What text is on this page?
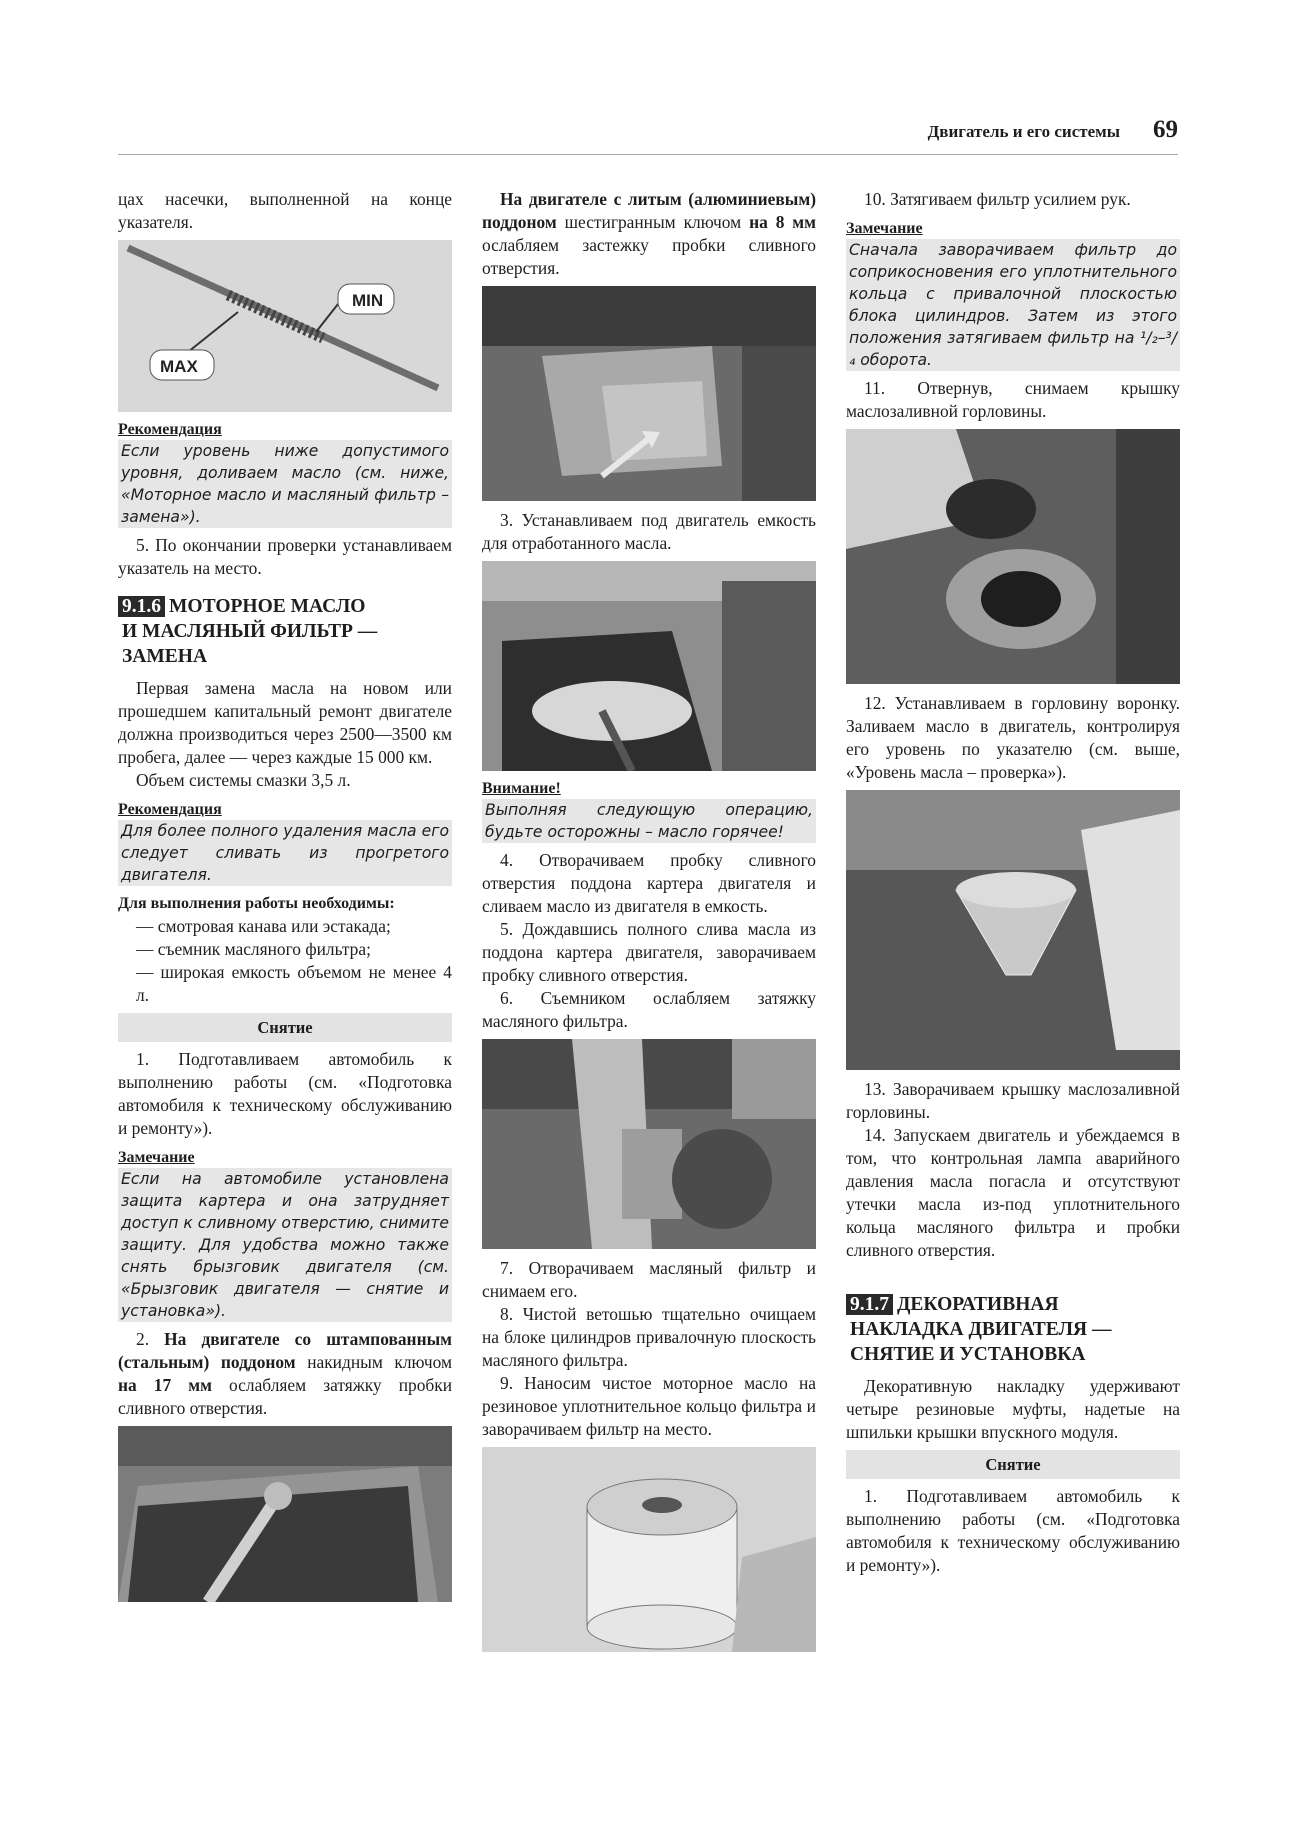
Двигатель и его системы 69

цах насечки, выполненной на конце указателя.

MIN
MAX
Рекомендация

Если уровень ниже допустимого уровня, доливаем масло (см. ниже, «Моторное масло и масляный фильтр – замена»).

5. По окончании проверки устанавливаем указатель на место.

9.1.6 МОТОРНОЕ МАСЛО
И МАСЛЯНЫЙ ФИЛЬТР —
ЗАМЕНА

Первая замена масла на новом или прошедшем капитальный ремонт двигателе должна производиться через 2500—3500 км пробега, далее — через каждые 15 000 км.

Объем системы смазки 3,5 л.

Рекомендация

Для более полного удаления масла его следует сливать из прогретого двигателя.

Для выполнения работы необходимы:

— смотровая канава или эстакада;

— съемник масляного фильтра;

— широкая емкость объемом не менее 4 л.

Снятие

1. Подготавливаем автомобиль к выполнению работы (см. «Подготовка автомобиля к техническому обслуживанию и ремонту»).

Замечание

Если на автомобиле установлена защита картера и она затрудняет доступ к сливному отверстию, снимите защиту. Для удобства можно также снять брызговик двигателя (см. «Брызговик двигателя — снятие и установка»).

2. На двигателе со штампованным (стальным) поддоном накидным ключом на 17 мм ослабляем затяжку пробки сливного отверстия.

На двигателе с литым (алюминиевым) поддоном шестигранным ключом на 8 мм ослабляем застежку пробки сливного отверстия.

3. Устанавливаем под двигатель емкость для отработанного масла.

Внимание!

Выполняя следующую операцию, будьте осторожны – масло горячее!

4. Отворачиваем пробку сливного отверстия поддона картера двигателя и сливаем масло из двигателя в емкость.

5. Дождавшись полного слива масла из поддона картера двигателя, заворачиваем пробку сливного отверстия.

6. Съемником ослабляем затяжку масляного фильтра.

7. Отворачиваем масляный фильтр и снимаем его.

8. Чистой ветошью тщательно очищаем на блоке цилиндров привалочную плоскость масляного фильтра.

9. Наносим чистое моторное масло на резиновое уплотнительное кольцо фильтра и заворачиваем фильтр на место.

10. Затягиваем фильтр усилием рук.

Замечание

Сначала заворачиваем фильтр до соприкосновения его уплотнительного кольца с привалочной плоскостью блока цилиндров. Затем из этого положения затягиваем фильтр на ¹/₂–³/₄ оборота.

11. Отвернув, снимаем крышку маслозаливной горловины.

12. Устанавливаем в горловину воронку. Заливаем масло в двигатель, контролируя его уровень по указателю (см. выше, «Уровень масла – проверка»).

13. Заворачиваем крышку маслозаливной горловины.

14. Запускаем двигатель и убеждаемся в том, что контрольная лампа аварийного давления масла погасла и отсутствуют утечки масла из-под уплотнительного кольца масляного фильтра и пробки сливного отверстия.

9.1.7 ДЕКОРАТИВНАЯ
НАКЛАДКА ДВИГАТЕЛЯ —
СНЯТИЕ И УСТАНОВКА

Декоративную накладку удерживают четыре резиновые муфты, надетые на шпильки крышки впускного модуля.

Снятие

1. Подготавливаем автомобиль к выполнению работы (см. «Подготовка автомобиля к техническому обслуживанию и ремонту»).
